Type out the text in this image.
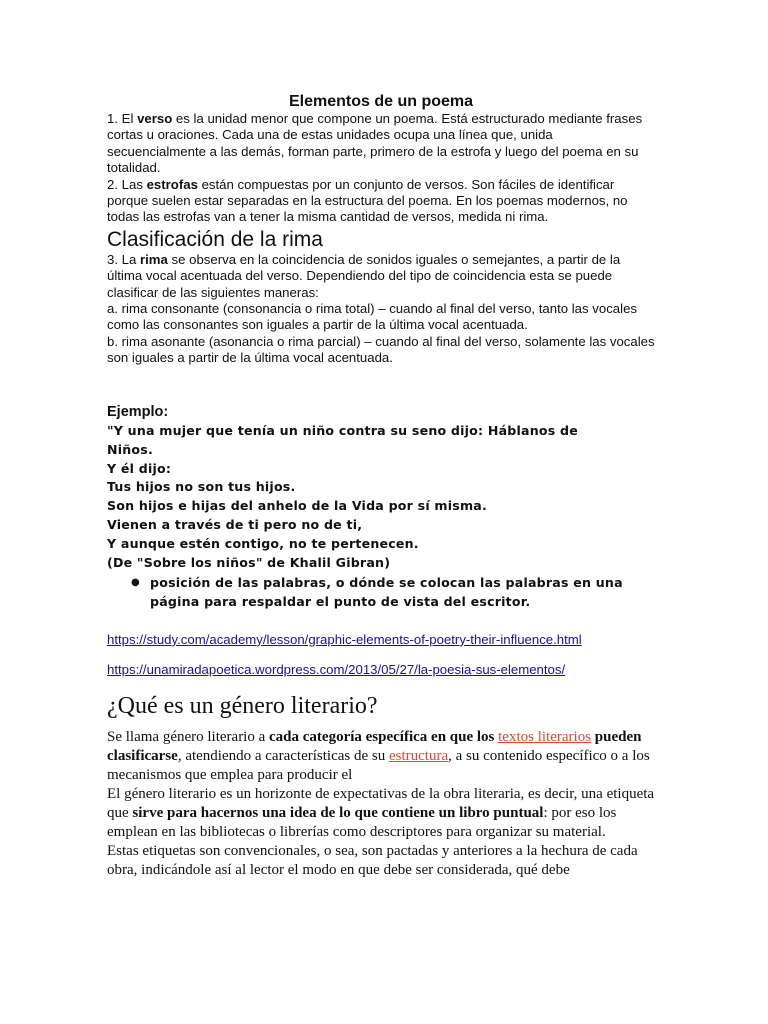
Elementos de un poema

1. El verso es la unidad menor que compone un poema. Está estructurado mediante frases cortas u oraciones. Cada una de estas unidades ocupa una línea que, unida secuencialmente a las demás, forman parte, primero de la estrofa y luego del poema en su totalidad.

2. Las estrofas están compuestas por un conjunto de versos. Son fáciles de identificar porque suelen estar separadas en la estructura del poema. En los poemas modernos, no todas las estrofas van a tener la misma cantidad de versos, medida ni rima.

Clasificación de la rima

3. La rima se observa en la coincidencia de sonidos iguales o semejantes, a partir de la última vocal acentuada del verso. Dependiendo del tipo de coincidencia esta se puede clasificar de las siguientes maneras:

a. rima consonante (consonancia o rima total) – cuando al final del verso, tanto las vocales como las consonantes son iguales a partir de la última vocal acentuada.

b. rima asonante (asonancia o rima parcial) – cuando al final del verso, solamente las vocales son iguales a partir de la última vocal acentuada.

Ejemplo:

"Y una mujer que tenía un niño contra su seno dijo: Háblanos de

Niños.

Y él dijo:

Tus hijos no son tus hijos.

Son hijos e hijas del anhelo de la Vida por sí misma.

Vienen a través de ti pero no de ti,

Y aunque estén contigo, no te pertenecen.

(De "Sobre los niños" de Khalil Gibran)

● posición de las palabras, o dónde se colocan las palabras en una
página para respaldar el punto de vista del escritor.
https://study.com/academy/lesson/graphic-elements-of-poetry-their-influence.html
https://unamiradapoetica.wordpress.com/2013/05/27/la-poesia-sus-elementos/
¿Qué es un género literario?

Se llama género literario a cada categoría específica en que los textos literarios pueden clasificarse, atendiendo a características de su estructura, a su contenido específico o a los mecanismos que emplea para producir el

El género literario es un horizonte de expectativas de la obra literaria, es decir, una etiqueta que sirve para hacernos una idea de lo que contiene un libro puntual: por eso los emplean en las bibliotecas o librerías como descriptores para organizar su material.

Estas etiquetas son convencionales, o sea, son pactadas y anteriores a la hechura de cada obra, indicándole así al lector el modo en que debe ser considerada, qué debe
